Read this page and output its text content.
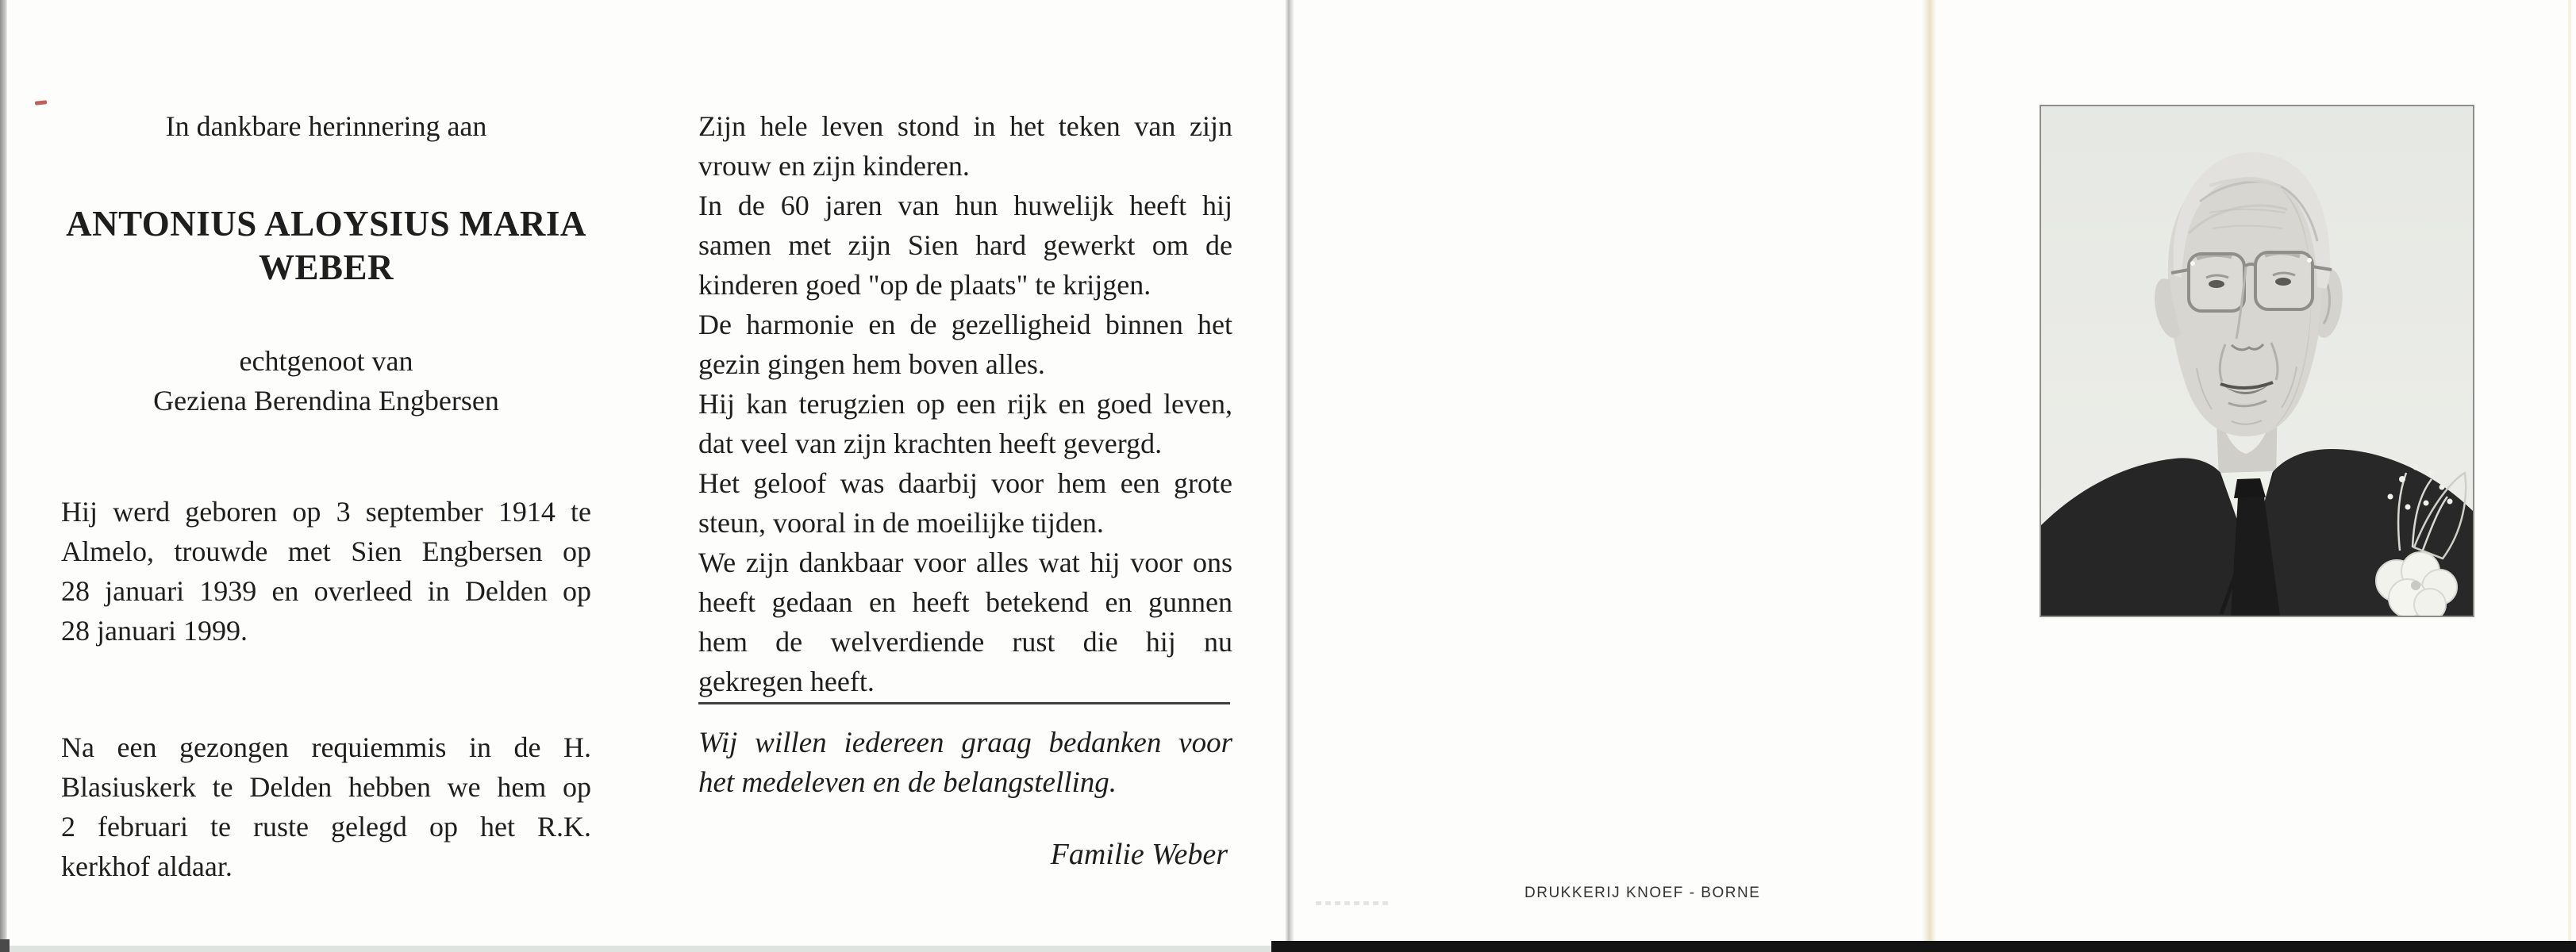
In dankbare herinnering aan
ANTONIUS ALOYSIUS MARIA
WEBER
echtgenoot van
Geziena Berendina Engbersen
Hij werd geboren op 3 september 1914 te
Almelo, trouwde met Sien Engbersen op
28 januari 1939 en overleed in Delden op
28 januari 1999.
Na een gezongen requiemmis in de H.
Blasiuskerk te Delden hebben we hem op
2 februari te ruste gelegd op het R.K.
kerkhof aldaar.
Zijn hele leven stond in het teken van zijn
vrouw en zijn kinderen.
In de 60 jaren van hun huwelijk heeft hij
samen met zijn Sien hard gewerkt om de
kinderen goed "op de plaats" te krijgen.
De harmonie en de gezelligheid binnen het
gezin gingen hem boven alles.
Hij kan terugzien op een rijk en goed leven,
dat veel van zijn krachten heeft gevergd.
Het geloof was daarbij voor hem een grote
steun, vooral in de moeilijke tijden.
We zijn dankbaar voor alles wat hij voor ons
heeft gedaan en heeft betekend en gunnen
hem de welverdiende rust die hij nu
gekregen heeft.
Wij willen iedereen graag bedanken voor
het medeleven en de belangstelling.
Familie Weber
DRUKKERIJ KNOEF - BORNE
